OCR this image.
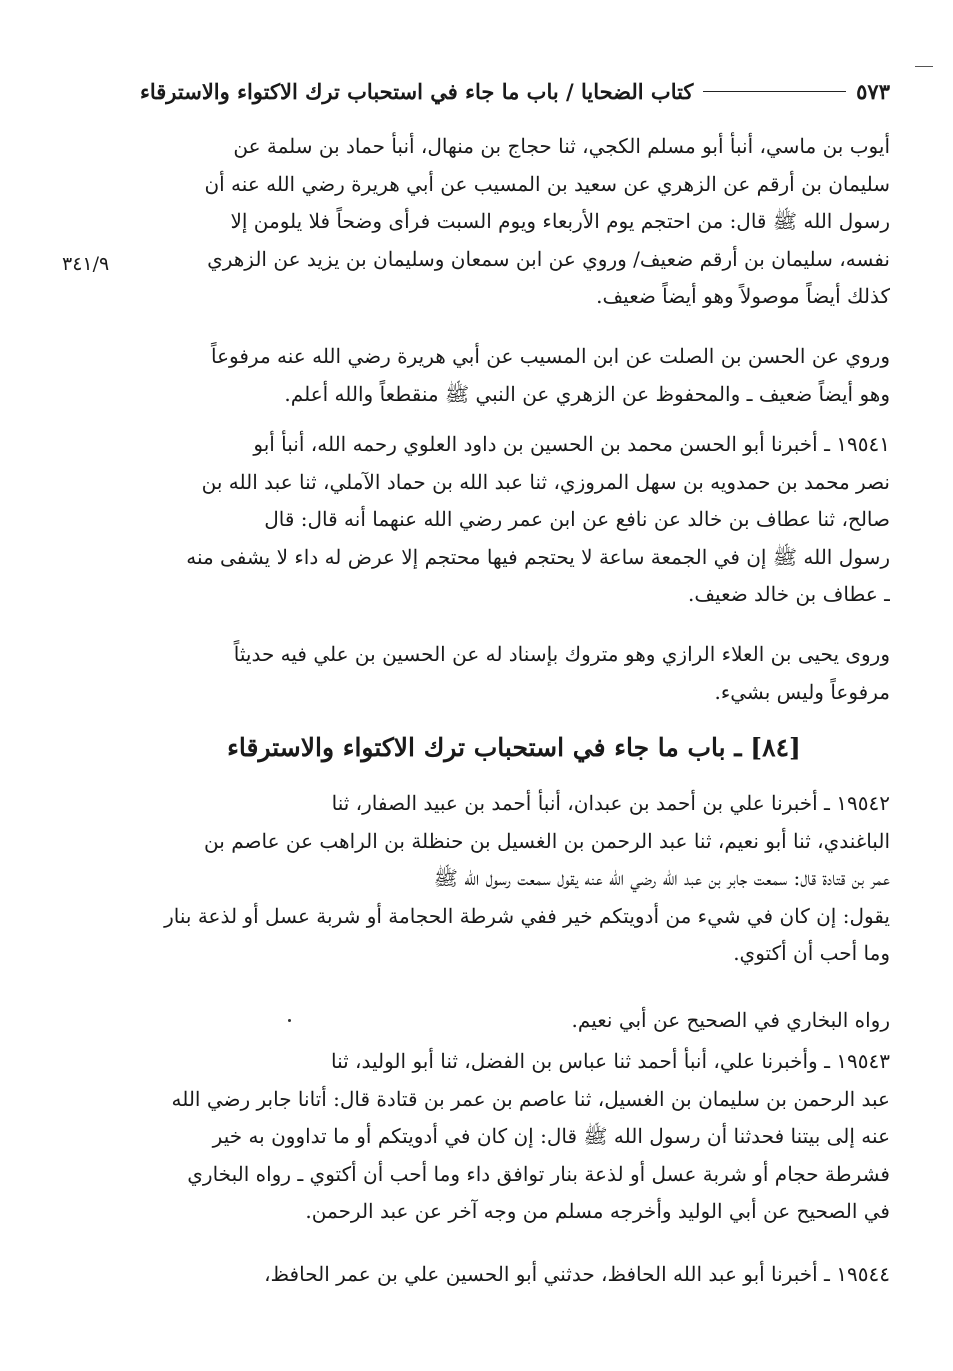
كتاب الضحايا / باب ما جاء في استحباب ترك الاكتواء والاسترقاء	٥٧٣
٣٤١/٩
أيوب بن ماسي، أنبأ أبو مسلم الكجي، ثنا حجاج بن منهال، أنبأ حماد بن سلمة عن
سليمان بن أرقم عن الزهري عن سعيد بن المسيب عن أبي هريرة رضي الله عنه أن
رسول الله ﷺ قال: من احتجم يوم الأربعاء ويوم السبت فرأى وضحاً فلا يلومن إلا
نفسه، سليمان بن أرقم ضعيف/ وروي عن ابن سمعان وسليمان بن يزيد عن الزهري
كذلك أيضاً موصولاً وهو أيضاً ضعيف.
وروي عن الحسن بن الصلت عن ابن المسيب عن أبي هريرة رضي الله عنه مرفوعاً
وهو أيضاً ضعيف ـ والمحفوظ عن الزهري عن النبي ﷺ منقطعاً والله أعلم.
١٩٥٤١ ـ أخبرنا أبو الحسن محمد بن الحسين بن داود العلوي رحمه الله، أنبأ أبو
نصر محمد بن حمدويه بن سهل المروزي، ثنا عبد الله بن حماد الآملي، ثنا عبد الله بن
صالح، ثنا عطاف بن خالد عن نافع عن ابن عمر رضي الله عنهما أنه قال: قال
رسول الله ﷺ إن في الجمعة ساعة لا يحتجم فيها محتجم إلا عرض له داء لا يشفى منه
ـ عطاف بن خالد ضعيف.
وروى يحيى بن العلاء الرازي وهو متروك بإسناد له عن الحسين بن علي فيه حديثاً
مرفوعاً وليس بشيء.
[٨٤] ـ باب ما جاء في استحباب ترك الاكتواء والاسترقاء
١٩٥٤٢ ـ أخبرنا علي بن أحمد بن عبدان، أنبأ أحمد بن عبيد الصفار، ثنا
الباغندي، ثنا أبو نعيم، ثنا عبد الرحمن بن الغسيل بن حنظلة بن الراهب عن عاصم بن
عمر بن قتادة قال: سمعت جابر بن عبد الله رضي الله عنه يقول سمعت رسول الله ﷺ
يقول: إن كان في شيء من أدويتكم خير ففي شرطة الحجامة أو شربة عسل أو لذعة بنار
وما أحب أن أكتوي.
رواه البخاري في الصحيح عن أبي نعيم.
١٩٥٤٣ ـ وأخبرنا علي، أنبأ أحمد ثنا عباس بن الفضل، ثنا أبو الوليد، ثنا
عبد الرحمن بن سليمان بن الغسيل، ثنا عاصم بن عمر بن قتادة قال: أتانا جابر رضي الله
عنه إلى بيتنا فحدثنا أن رسول الله ﷺ قال: إن كان في أدويتكم أو ما تداوون به خير
فشرطة حجام أو شربة عسل أو لذعة بنار توافق داء وما أحب أن أكتوي ـ رواه البخاري
في الصحيح عن أبي الوليد وأخرجه مسلم من وجه آخر عن عبد الرحمن.
١٩٥٤٤ ـ أخبرنا أبو عبد الله الحافظ، حدثني أبو الحسين علي بن عمر الحافظ،
